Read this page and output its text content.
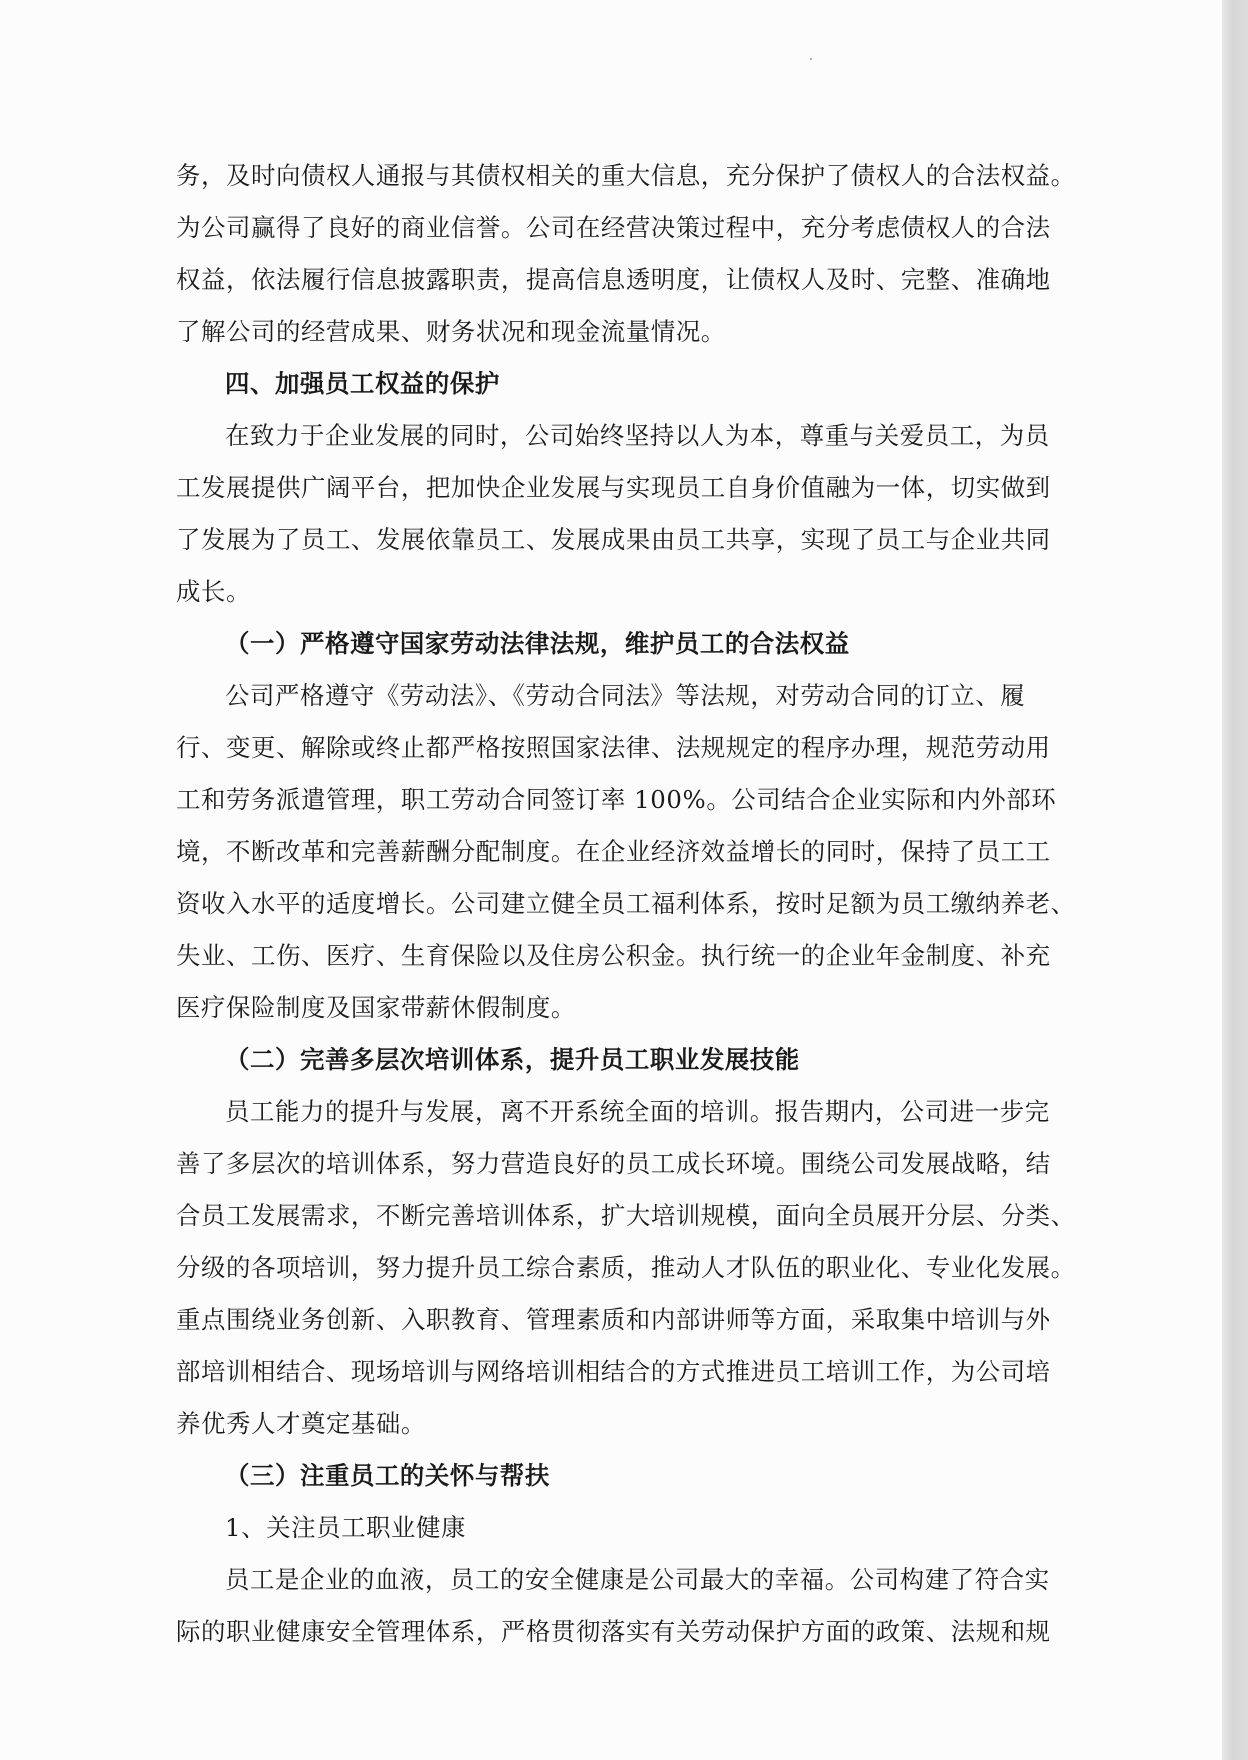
务，及时向债权人通报与其债权相关的重大信息，充分保护了债权人的合法权益。
为公司赢得了良好的商业信誉。公司在经营决策过程中，充分考虑债权人的合法
权益，依法履行信息披露职责，提高信息透明度，让债权人及时、完整、准确地
了解公司的经营成果、财务状况和现金流量情况。
四、加强员工权益的保护
在致力于企业发展的同时，公司始终坚持以人为本，尊重与关爱员工，为员
工发展提供广阔平台，把加快企业发展与实现员工自身价值融为一体，切实做到
了发展为了员工、发展依靠员工、发展成果由员工共享，实现了员工与企业共同
成长。
（一）严格遵守国家劳动法律法规，维护员工的合法权益
公司严格遵守《劳动法》、《劳动合同法》等法规，对劳动合同的订立、履
行、变更、解除或终止都严格按照国家法律、法规规定的程序办理，规范劳动用
工和劳务派遣管理，职工劳动合同签订率 100%。公司结合企业实际和内外部环
境，不断改革和完善薪酬分配制度。在企业经济效益增长的同时，保持了员工工
资收入水平的适度增长。公司建立健全员工福利体系，按时足额为员工缴纳养老、
失业、工伤、医疗、生育保险以及住房公积金。执行统一的企业年金制度、补充
医疗保险制度及国家带薪休假制度。
（二）完善多层次培训体系，提升员工职业发展技能
员工能力的提升与发展，离不开系统全面的培训。报告期内，公司进一步完
善了多层次的培训体系，努力营造良好的员工成长环境。围绕公司发展战略，结
合员工发展需求，不断完善培训体系，扩大培训规模，面向全员展开分层、分类、
分级的各项培训，努力提升员工综合素质，推动人才队伍的职业化、专业化发展。
重点围绕业务创新、入职教育、管理素质和内部讲师等方面，采取集中培训与外
部培训相结合、现场培训与网络培训相结合的方式推进员工培训工作，为公司培
养优秀人才奠定基础。
（三）注重员工的关怀与帮扶
1、关注员工职业健康
员工是企业的血液，员工的安全健康是公司最大的幸福。公司构建了符合实
际的职业健康安全管理体系，严格贯彻落实有关劳动保护方面的政策、法规和规
